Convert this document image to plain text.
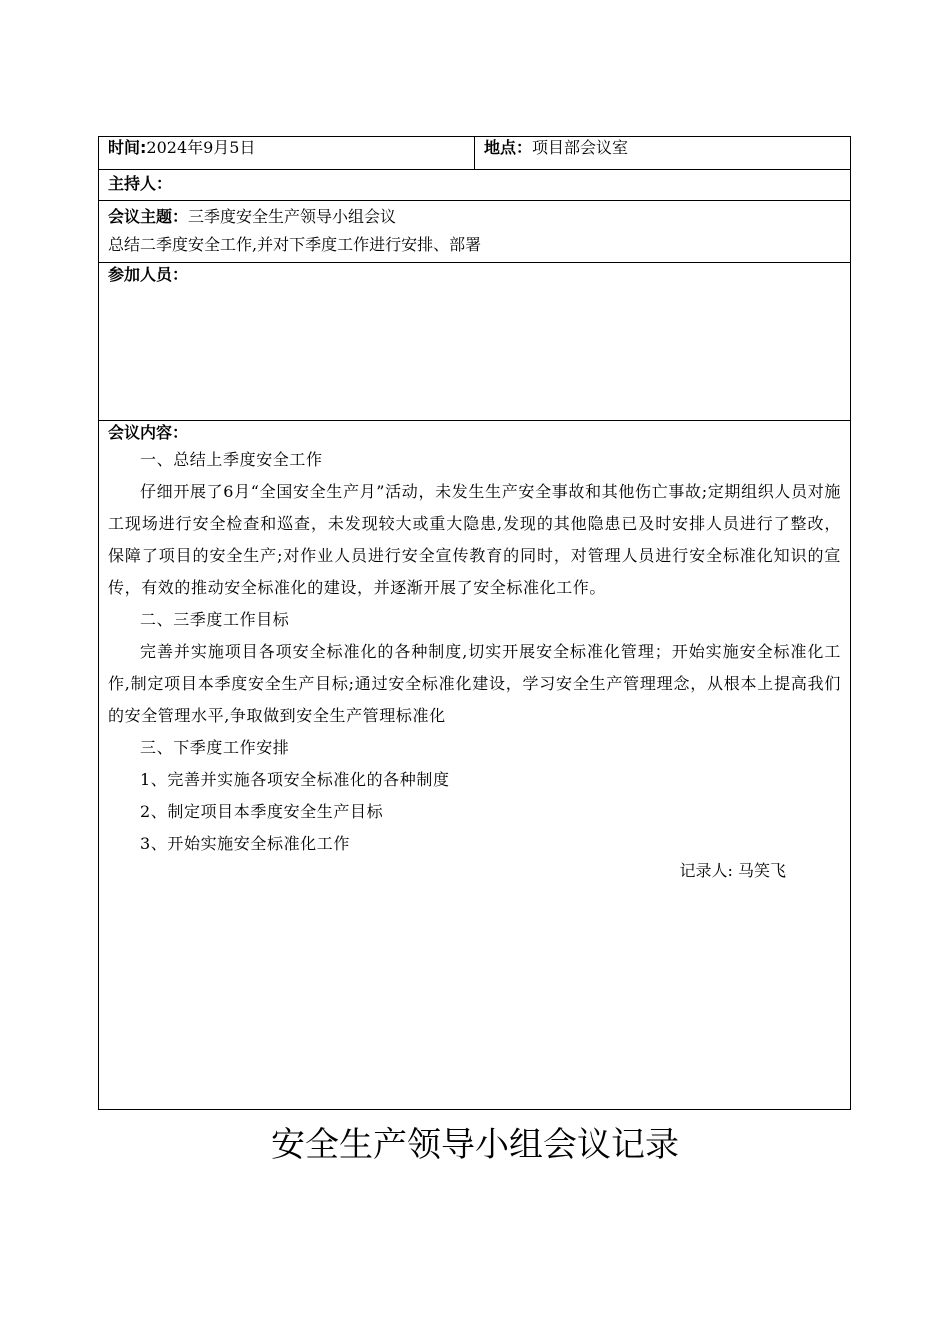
时间:2024年9月5日	地点：项目部会议室
主持人：
会议主题：三季度安全生产领导小组会议
总结二季度安全工作,并对下季度工作进行安排、部署
参加人员：
会议内容：

一、总结上季度安全工作

仔细开展了6月“全国安全生产月”活动，未发生生产安全事故和其他伤亡事故;定期组织人员对施工现场进行安全检查和巡查，未发现较大或重大隐患,发现的其他隐患已及时安排人员进行了整改，保障了项目的安全生产;对作业人员进行安全宣传教育的同时，对管理人员进行安全标准化知识的宣传，有效的推动安全标准化的建设，并逐渐开展了安全标准化工作。

二、三季度工作目标

完善并实施项目各项安全标准化的各种制度,切实开展安全标准化管理；开始实施安全标准化工作,制定项目本季度安全生产目标;通过安全标准化建设，学习安全生产管理理念，从根本上提高我们的安全管理水平,争取做到安全生产管理标准化

三、下季度工作安排

1、完善并实施各项安全标准化的各种制度

2、制定项目本季度安全生产目标

3、开始实施安全标准化工作

记录人: 马笑飞
安全生产领导小组会议记录
